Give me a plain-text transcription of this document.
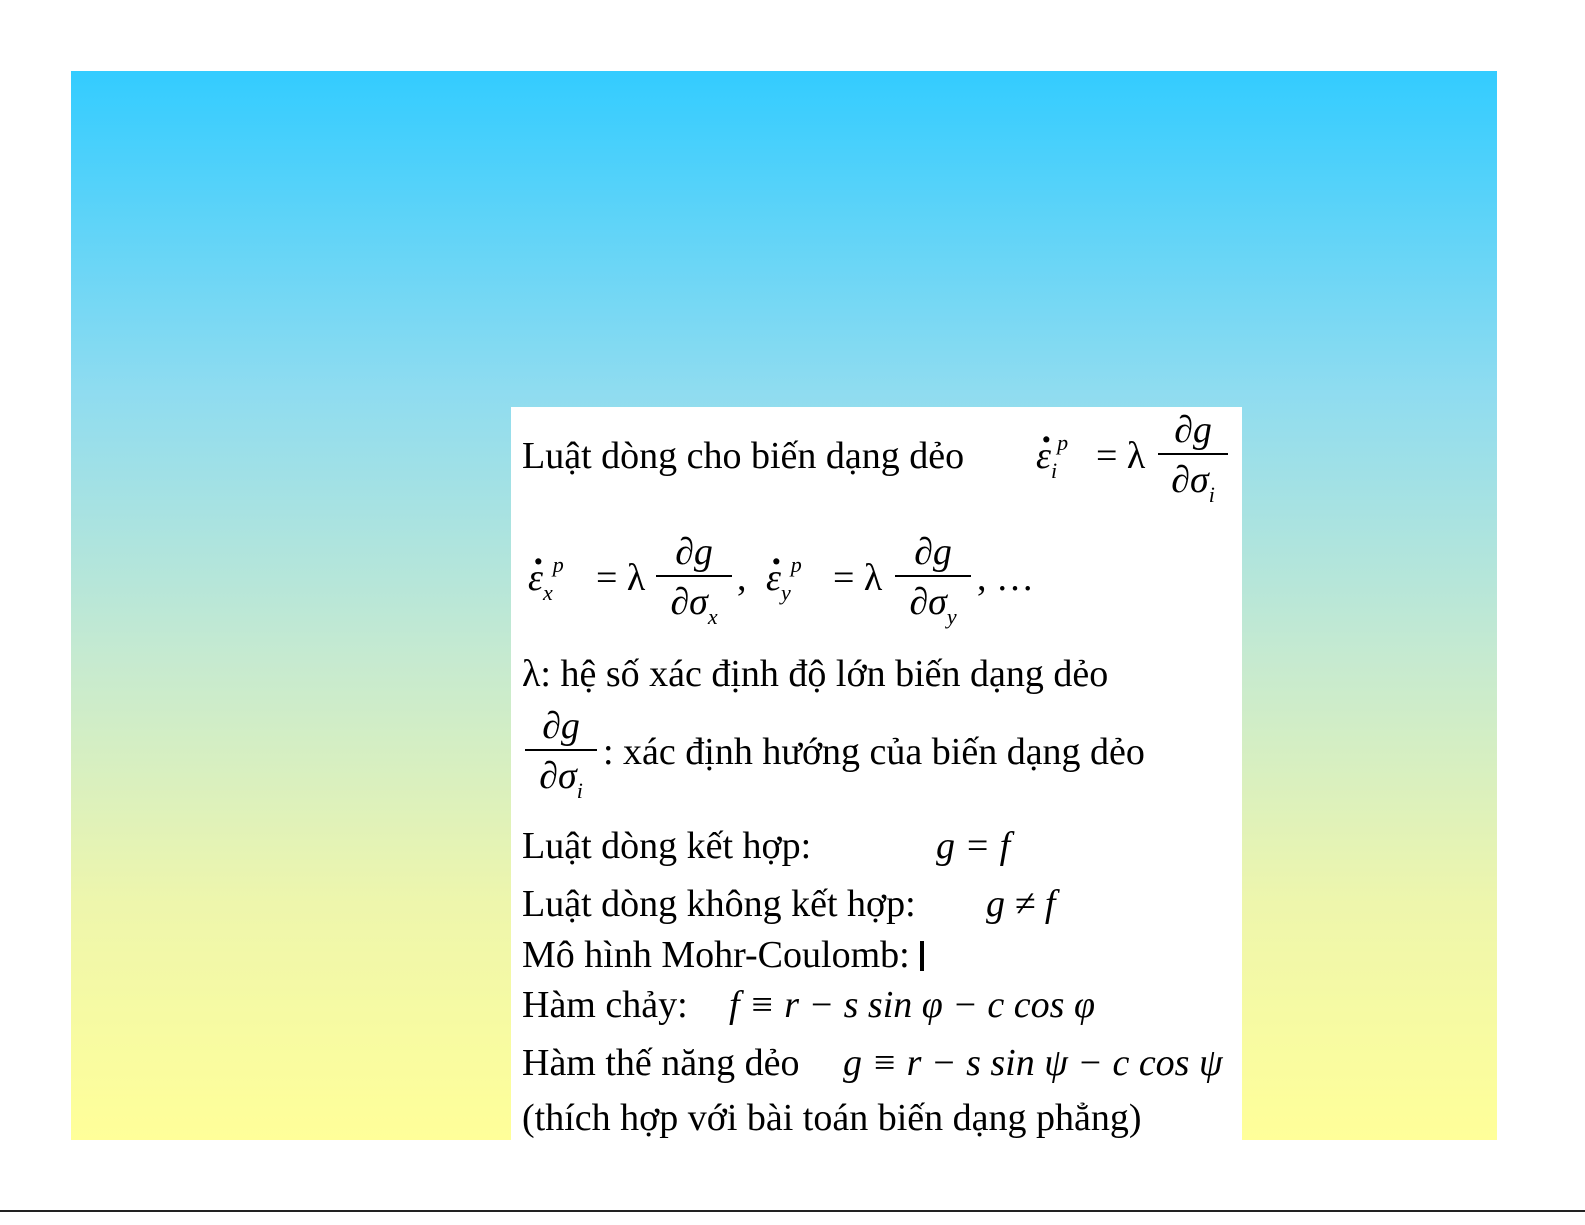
Luật dòng cho biến dạng dẻo · $\varepsilon_i^p = \lambda \frac{\partial g}{\partial\sigma_i}$
· $\varepsilon_x^p = \lambda \frac{\partial g}{\partial\sigma_x}$ , · $\varepsilon_y^p = \lambda \frac{\partial g}{\partial\sigma_y}$ , …
λ: hệ số xác định độ lớn biến dạng dẻo
$\frac{\partial g}{\partial\sigma_i}$ : xác định hướng của biến dạng dẻo
Luật dòng kết hợp:	g = f
Luật dòng không kết hợp: g ≠ f
Mô hình Mohr-Coulomb:
Hàm chảy: f ≡ r − s sin φ − c cos φ
Hàm thế năng dẻo g ≡ r − s sin ψ − c cos ψ
(thích hợp với bài toán biến dạng phẳng)
